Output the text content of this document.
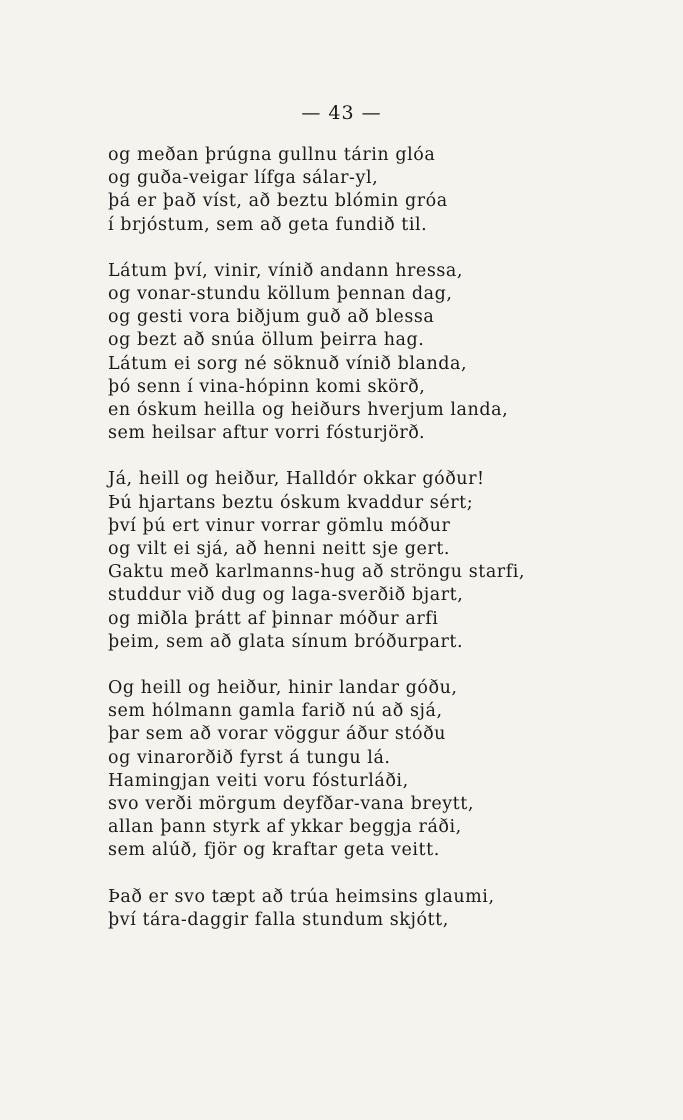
— 43 —
og meðan þrúgna gullnu tárin glóa
og guða-veigar lífga sálar-yl,
þá er það víst, að beztu blómin gróa
í brjóstum, sem að geta fundið til.
Látum því, vinir, vínið andann hressa,
og vonar-stundu köllum þennan dag,
og gesti vora biðjum guð að blessa
og bezt að snúa öllum þeirra hag.
Látum ei sorg né söknuð vínið blanda,
þó senn í vina-hópinn komi skörð,
en óskum heilla og heiðurs hverjum landa,
sem heilsar aftur vorri fósturjörð.
Já, heill og heiður, Halldór okkar góður!
Þú hjartans beztu óskum kvaddur sért;
því þú ert vinur vorrar gömlu móður
og vilt ei sjá, að henni neitt sje gert.
Gaktu með karlmanns-hug að ströngu starfi,
studdur við dug og laga-sverðið bjart,
og miðla þrátt af þinnar móður arfi
þeim, sem að glata sínum bróðurpart.
Og heill og heiður, hinir landar góðu,
sem hólmann gamla farið nú að sjá,
þar sem að vorar vöggur áður stóðu
og vinarorðið fyrst á tungu lá.
Hamingjan veiti voru fósturláði,
svo verði mörgum deyfðar-vana breytt,
allan þann styrk af ykkar beggja ráði,
sem alúð, fjör og kraftar geta veitt.
Það er svo tæpt að trúa heimsins glaumi,
því tára-daggir falla stundum skjótt,
